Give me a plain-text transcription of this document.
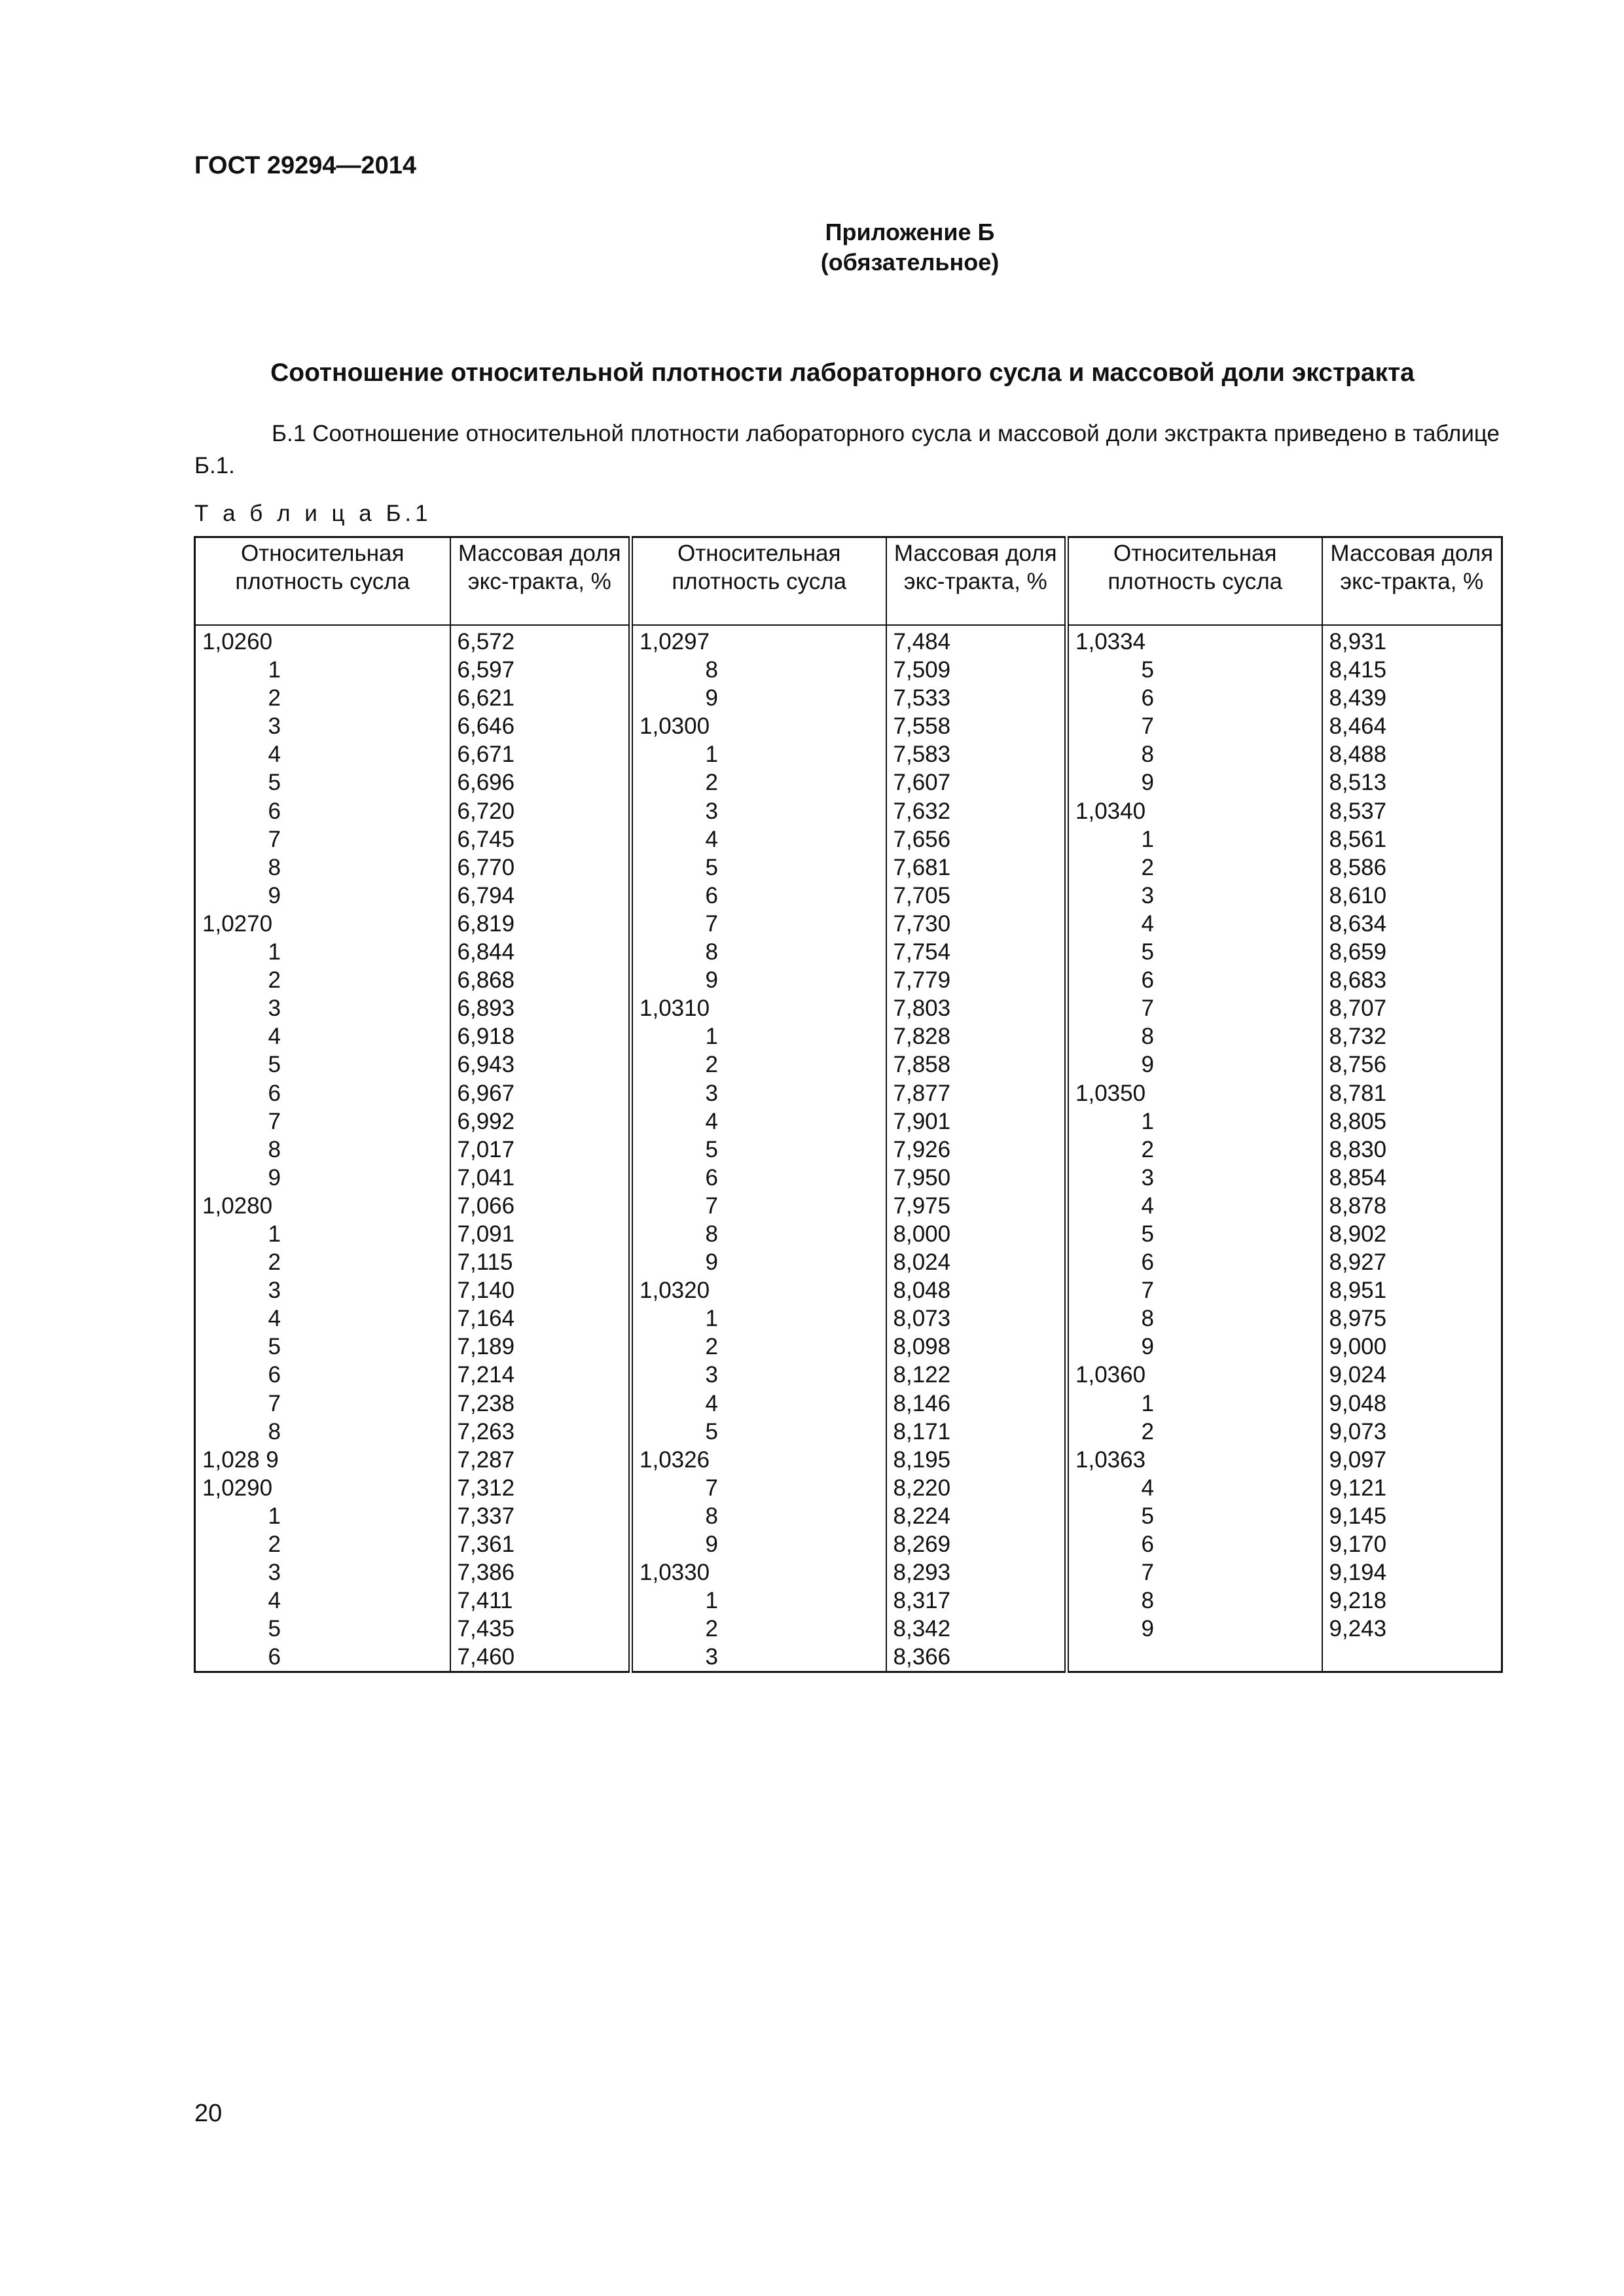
ГОСТ 29294—2014
Приложение Б
(обязательное)
Соотношение относительной плотности лабораторного сусла и массовой доли экстракта
Б.1 Соотношение относительной плотности лабораторного сусла и массовой доли экстракта приведено в таблице Б.1.
Т а б л и ц а Б.1
Относительная плотность сусла	Массовая доля экс-тракта, %	Относительная плотность сусла	Массовая доля экс-тракта, %	Относительная плотность сусла	Массовая доля экс-тракта, %
1,0260	6,572	1,0297	7,484	1,0334	8,931
1	6,597	8	7,509	5	8,415
2	6,621	9	7,533	6	8,439
3	6,646	1,0300	7,558	7	8,464
4	6,671	1	7,583	8	8,488
5	6,696	2	7,607	9	8,513
6	6,720	3	7,632	1,0340	8,537
7	6,745	4	7,656	1	8,561
8	6,770	5	7,681	2	8,586
9	6,794	6	7,705	3	8,610
1,0270	6,819	7	7,730	4	8,634
1	6,844	8	7,754	5	8,659
2	6,868	9	7,779	6	8,683
3	6,893	1,0310	7,803	7	8,707
4	6,918	1	7,828	8	8,732
5	6,943	2	7,858	9	8,756
6	6,967	3	7,877	1,0350	8,781
7	6,992	4	7,901	1	8,805
8	7,017	5	7,926	2	8,830
9	7,041	6	7,950	3	8,854
1,0280	7,066	7	7,975	4	8,878
1	7,091	8	8,000	5	8,902
2	7,115	9	8,024	6	8,927
3	7,140	1,0320	8,048	7	8,951
4	7,164	1	8,073	8	8,975
5	7,189	2	8,098	9	9,000
6	7,214	3	8,122	1,0360	9,024
7	7,238	4	8,146	1	9,048
8	7,263	5	8,171	2	9,073
1,028 9	7,287	1,0326	8,195	1,0363	9,097
1,0290	7,312	7	8,220	4	9,121
1	7,337	8	8,224	5	9,145
2	7,361	9	8,269	6	9,170
3	7,386	1,0330	8,293	7	9,194
4	7,411	1	8,317	8	9,218
5	7,435	2	8,342	9	9,243
6	7,460	3	8,366		
20
